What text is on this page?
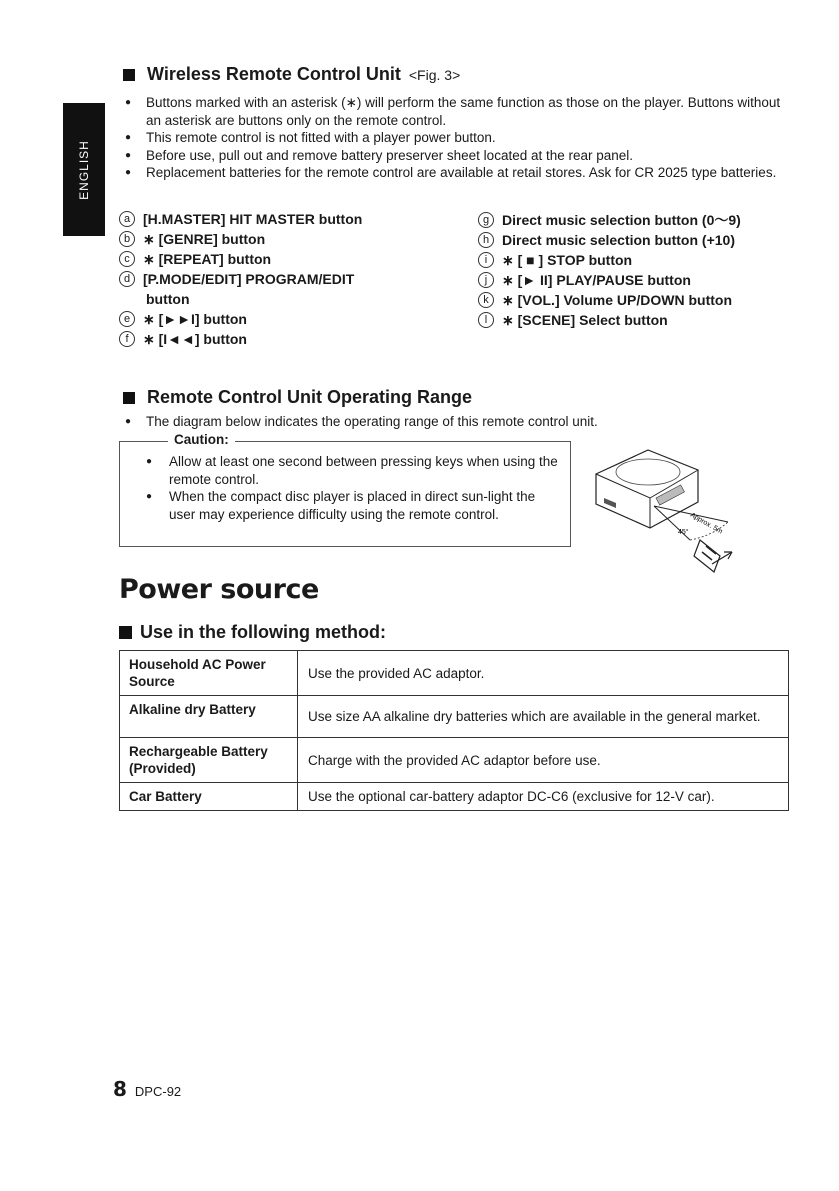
ENGLISH
Wireless Remote Control Unit <Fig. 3>
● Buttons marked with an asterisk (∗) will perform the same function as those on the player. Buttons without an asterisk are buttons only on the remote control.
● This remote control is not fitted with a player power button.
● Before use, pull out and remove battery preserver sheet located at the rear panel.
● Replacement batteries for the remote control are available at retail stores. Ask for CR 2025 type batteries.
a [H.MASTER] HIT MASTER button
b ∗ [GENRE] button
c ∗ [REPEAT] button
d [P.MODE/EDIT] PROGRAM/EDIT
button
e ∗ [►►I] button
f	∗ [I◄◄] button
g Direct music selection button (0～9)
h Direct music selection button (+10)
i	∗ [ ■ ] STOP button
j	∗ [► II] PLAY/PAUSE button
k ∗ [VOL.] Volume UP/DOWN button
l	∗ [SCENE] Select button
Remote Control Unit Operating Range
● The diagram below indicates the operating range of this remote control unit.
Caution:
● Allow at least one second between pressing keys when using the remote control.
● When the compact disc player is placed in direct sun-light the user may experience difficulty using the remote control.	Approx. 5m
45°
Power source
Use in the following method:
Household AC Power Source	Use the provided AC adaptor.
Alkaline dry Battery	Use size AA alkaline dry batteries which are available in the general market.
Rechargeable Battery (Provided)	Charge with the provided AC adaptor before use.
Car Battery	Use the optional car-battery adaptor DC-C6 (exclusive for 12-V car).
8 DPC-92
